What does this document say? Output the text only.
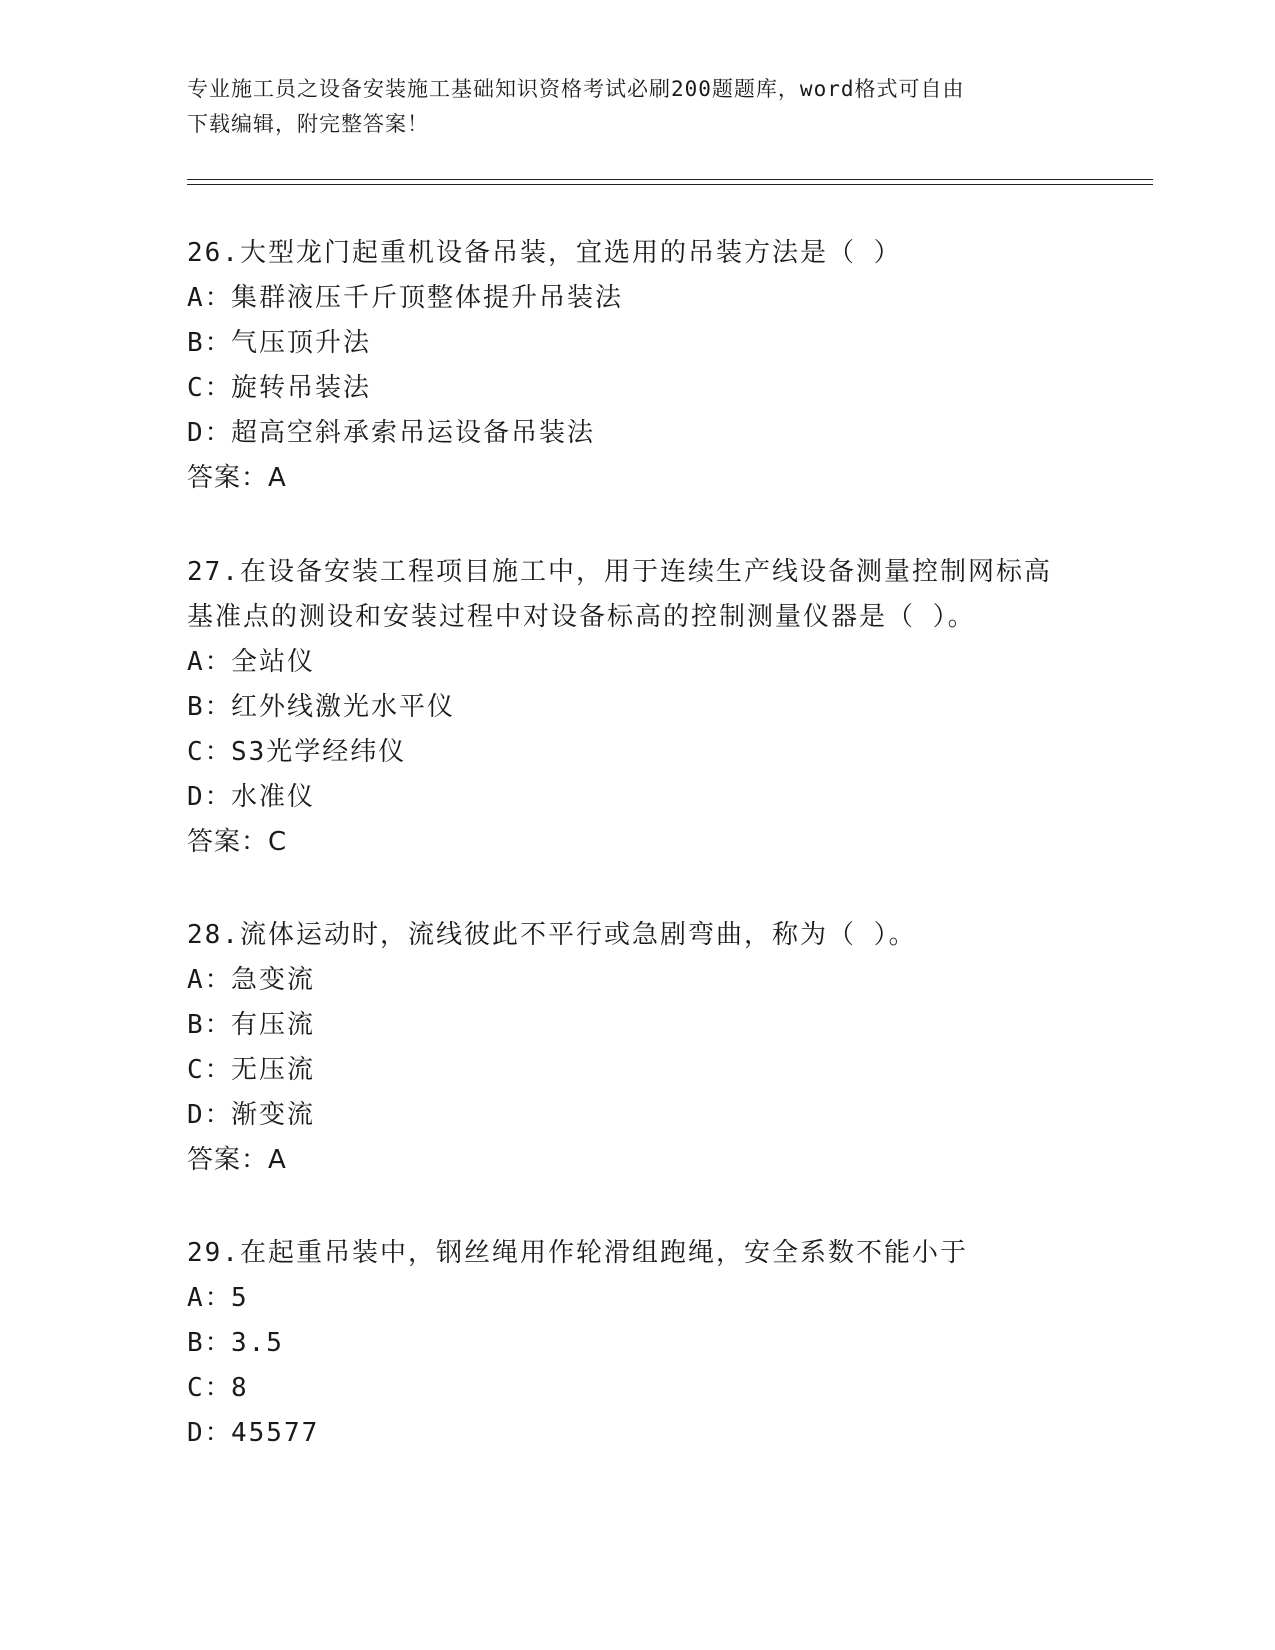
专业施工员之设备安装施工基础知识资格考试必刷200题题库，word格式可自由
下载编辑，附完整答案！
26.大型龙门起重机设备吊装，宜选用的吊装方法是（ ）
A：集群液压千斤顶整体提升吊装法
B：气压顶升法
C：旋转吊装法
D：超高空斜承索吊运设备吊装法
答案：A
27.在设备安装工程项目施工中，用于连续生产线设备测量控制网标高
基准点的测设和安装过程中对设备标高的控制测量仪器是（ ）。
A：全站仪
B：红外线激光水平仪
C：S3光学经纬仪
D：水准仪
答案：C
28.流体运动时，流线彼此不平行或急剧弯曲，称为（ ）。
A：急变流
B：有压流
C：无压流
D：渐变流
答案：A
29.在起重吊装中，钢丝绳用作轮滑组跑绳，安全系数不能小于
A：5
B：3.5
C：8
D：45577
